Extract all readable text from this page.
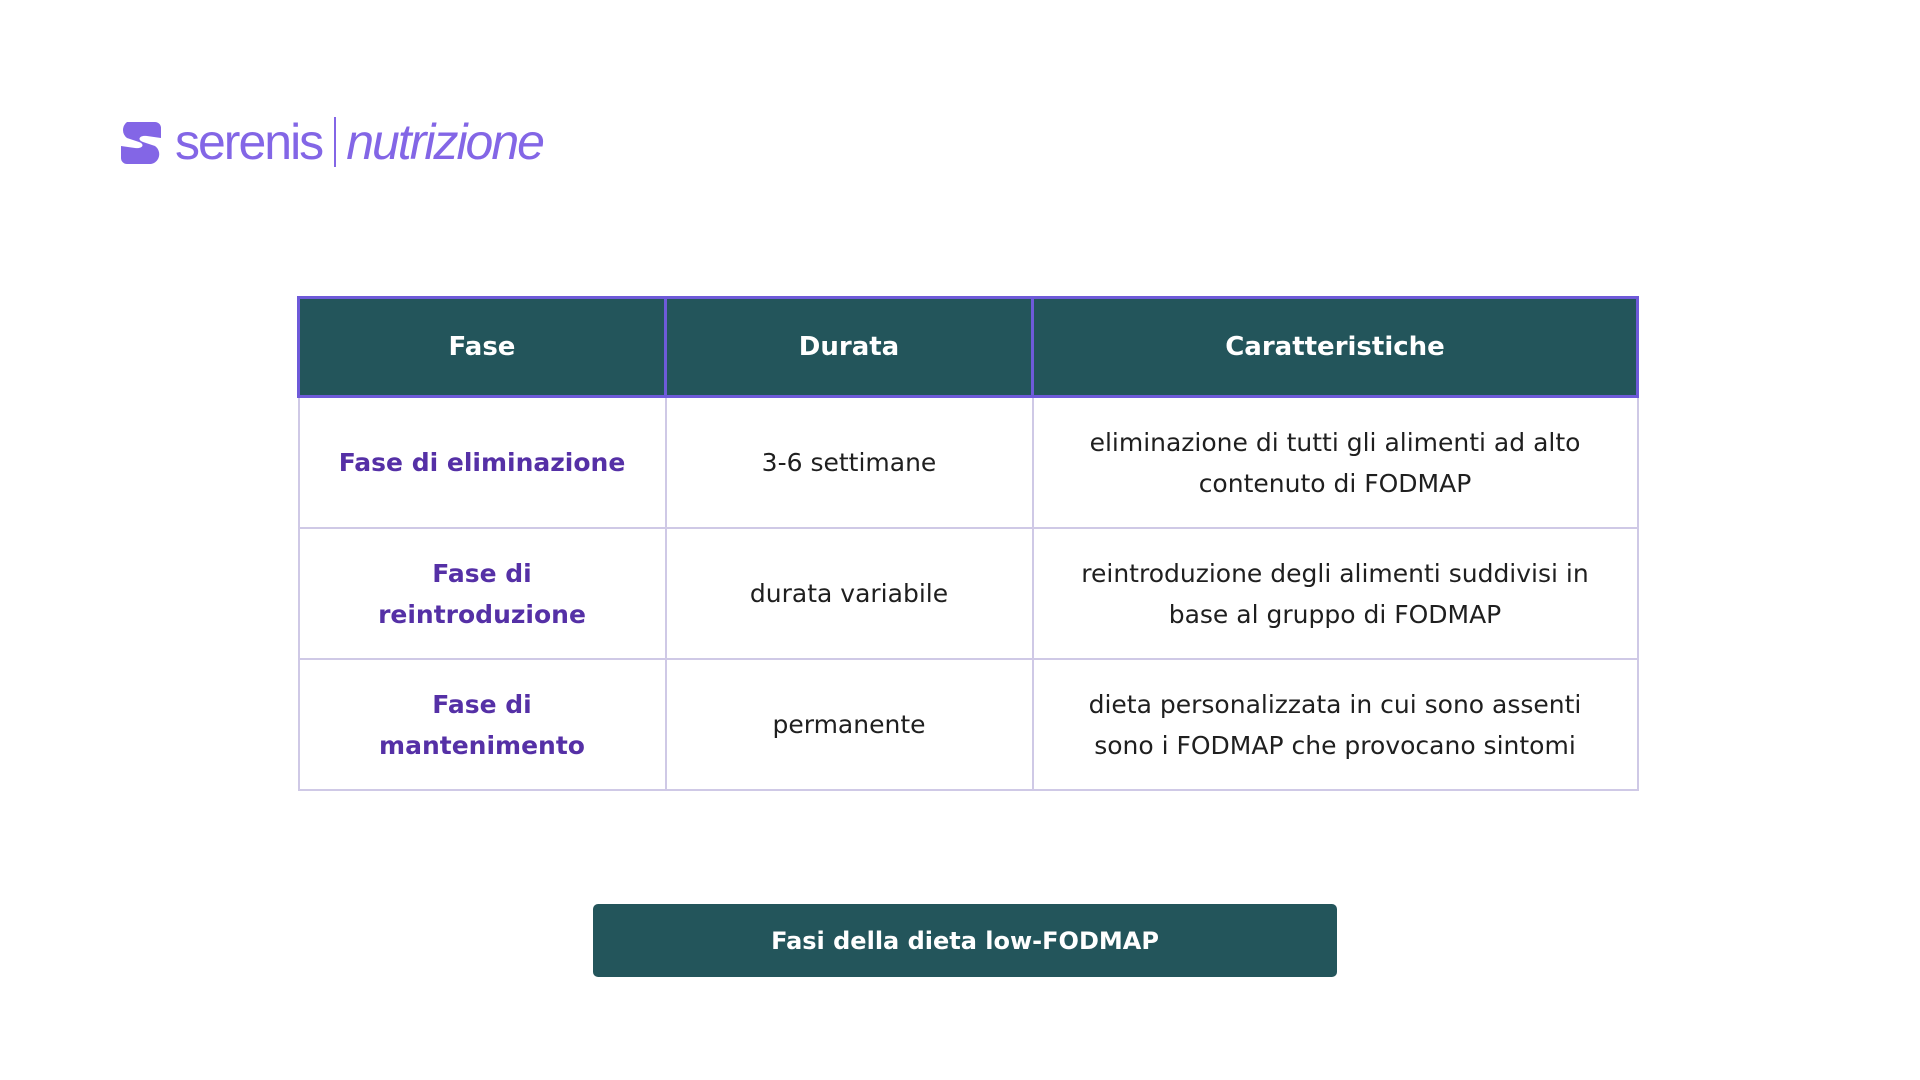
serenis nutrizione
Fase	Durata	Caratteristiche
Fase di eliminazione	3-6 settimane	eliminazione di tutti gli alimenti ad alto contenuto di FODMAP
Fase di reintroduzione	durata variabile	reintroduzione degli alimenti suddivisi in base al gruppo di FODMAP
Fase di mantenimento	permanente	dieta personalizzata in cui sono assenti sono i FODMAP che provocano sintomi
Fasi della dieta low-FODMAP
